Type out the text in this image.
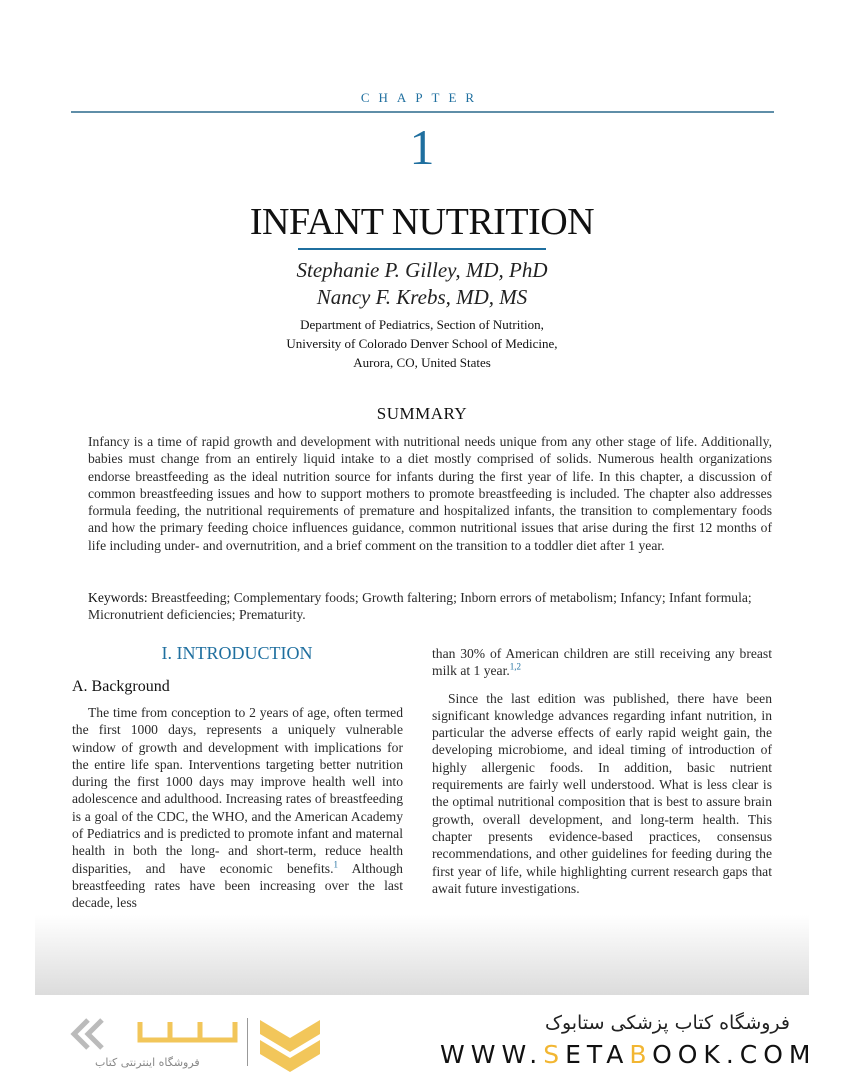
CHAPTER
1
INFANT NUTRITION
Stephanie P. Gilley, MD, PhD
Nancy F. Krebs, MD, MS
Department of Pediatrics, Section of Nutrition,
University of Colorado Denver School of Medicine,
Aurora, CO, United States
SUMMARY
Infancy is a time of rapid growth and development with nutritional needs unique from any other stage of life. Additionally, babies must change from an entirely liquid intake to a diet mostly comprised of solids. Numerous health organizations endorse breastfeeding as the ideal nutrition source for infants during the first year of life. In this chapter, a discussion of common breastfeeding issues and how to support mothers to promote breastfeeding is included. The chapter also addresses formula feeding, the nutritional requirements of premature and hospitalized infants, the transition to complementary foods and how the primary feeding choice influences guidance, common nutritional issues that arise during the first 12 months of life including under- and overnutrition, and a brief comment on the transition to a toddler diet after 1 year.
Keywords: Breastfeeding; Complementary foods; Growth faltering; Inborn errors of metabolism; Infancy; Infant formula; Micronutrient deficiencies; Prematurity.
I. INTRODUCTION
A. Background
The time from conception to 2 years of age, often termed the first 1000 days, represents a uniquely vulnerable window of growth and development with implications for the entire life span. Interventions targeting better nutrition during the first 1000 days may improve health well into adolescence and adulthood. Increasing rates of breastfeeding is a goal of the CDC, the WHO, and the American Academy of Pediatrics and is predicted to promote infant and maternal health in both the long- and short-term, reduce health disparities, and have economic benefits.$^1$ Although breastfeeding rates have been increasing over the last decade, less

than 30% of American children are still receiving any breast milk at 1 year.$^{1,2}$

Since the last edition was published, there have been significant knowledge advances regarding infant nutrition, in particular the adverse effects of early rapid weight gain, the developing microbiome, and ideal timing of introduction of highly allergenic foods. In addition, basic nutrient requirements are fairly well understood. What is less clear is the optimal nutritional composition that is best to assure brain growth, overall development, and long-term health. This chapter presents evidence-based practices, consensus recommendations, and other guidelines for feeding during the first year of life, while highlighting current research gaps that await future investigations.

فروشگاه اینترنتی کتاب
فروشگاه کتاب پزشکی ستابوک
WWW.SETABOOK.COM
